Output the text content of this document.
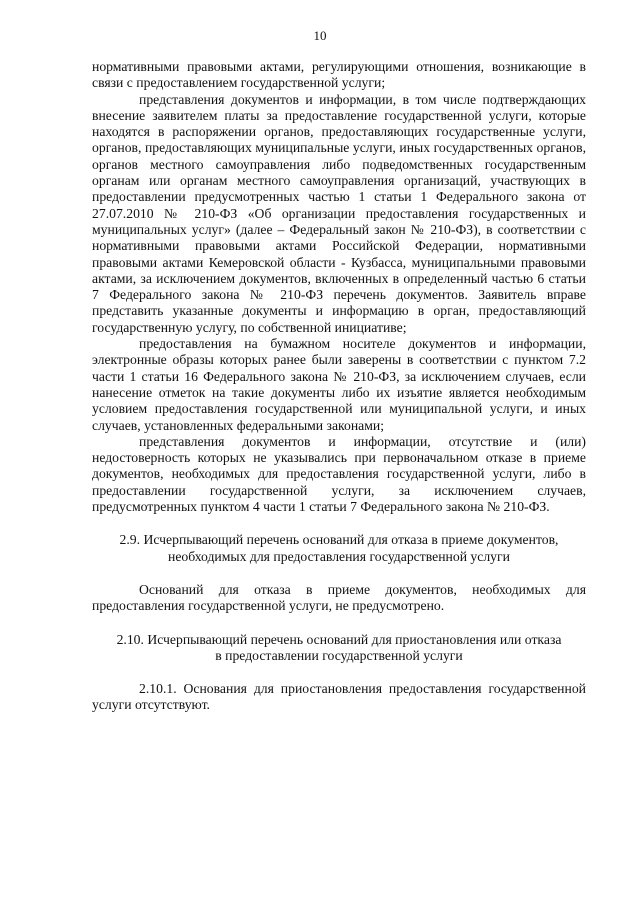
10

нормативными правовыми актами, регулирующими отношения, возникающие в связи с предоставлением государственной услуги;

представления документов и информации, в том числе подтверждающих внесение заявителем платы за предоставление государственной услуги, которые находятся в распоряжении органов, предоставляющих государственные услуги, органов, предоставляющих муниципальные услуги, иных государственных органов, органов местного самоуправления либо подведомственных государственным органам или органам местного самоуправления организаций, участвующих в предоставлении предусмотренных частью 1 статьи 1 Федерального закона от 27.07.2010 № 210-ФЗ «Об организации предоставления государственных и муниципальных услуг» (далее – Федеральный закон № 210-ФЗ), в соответствии с нормативными правовыми актами Российской Федерации, нормативными правовыми актами Кемеровской области - Кузбасса, муниципальными правовыми актами, за исключением документов, включенных в определенный частью 6 статьи 7 Федерального закона № 210-ФЗ перечень документов. Заявитель вправе представить указанные документы и информацию в орган, предоставляющий государственную услугу, по собственной инициативе;

предоставления на бумажном носителе документов и информации, электронные образы которых ранее были заверены в соответствии с пунктом 7.2 части 1 статьи 16 Федерального закона № 210-ФЗ, за исключением случаев, если нанесение отметок на такие документы либо их изъятие является необходимым условием предоставления государственной или муниципальной услуги, и иных случаев, установленных федеральными законами;

представления документов и информации, отсутствие и (или) недостоверность которых не указывались при первоначальном отказе в приеме документов, необходимых для предоставления государственной услуги, либо в предоставлении государственной услуги, за исключением случаев, предусмотренных пунктом 4 части 1 статьи 7 Федерального закона № 210-ФЗ.

2.9. Исчерпывающий перечень оснований для отказа в приеме документов,

необходимых для предоставления государственной услуги

Оснований для отказа в приеме документов, необходимых для предоставления государственной услуги, не предусмотрено.

2.10. Исчерпывающий перечень оснований для приостановления или отказа

в предоставлении государственной услуги

2.10.1. Основания для приостановления предоставления государственной услуги отсутствуют.
